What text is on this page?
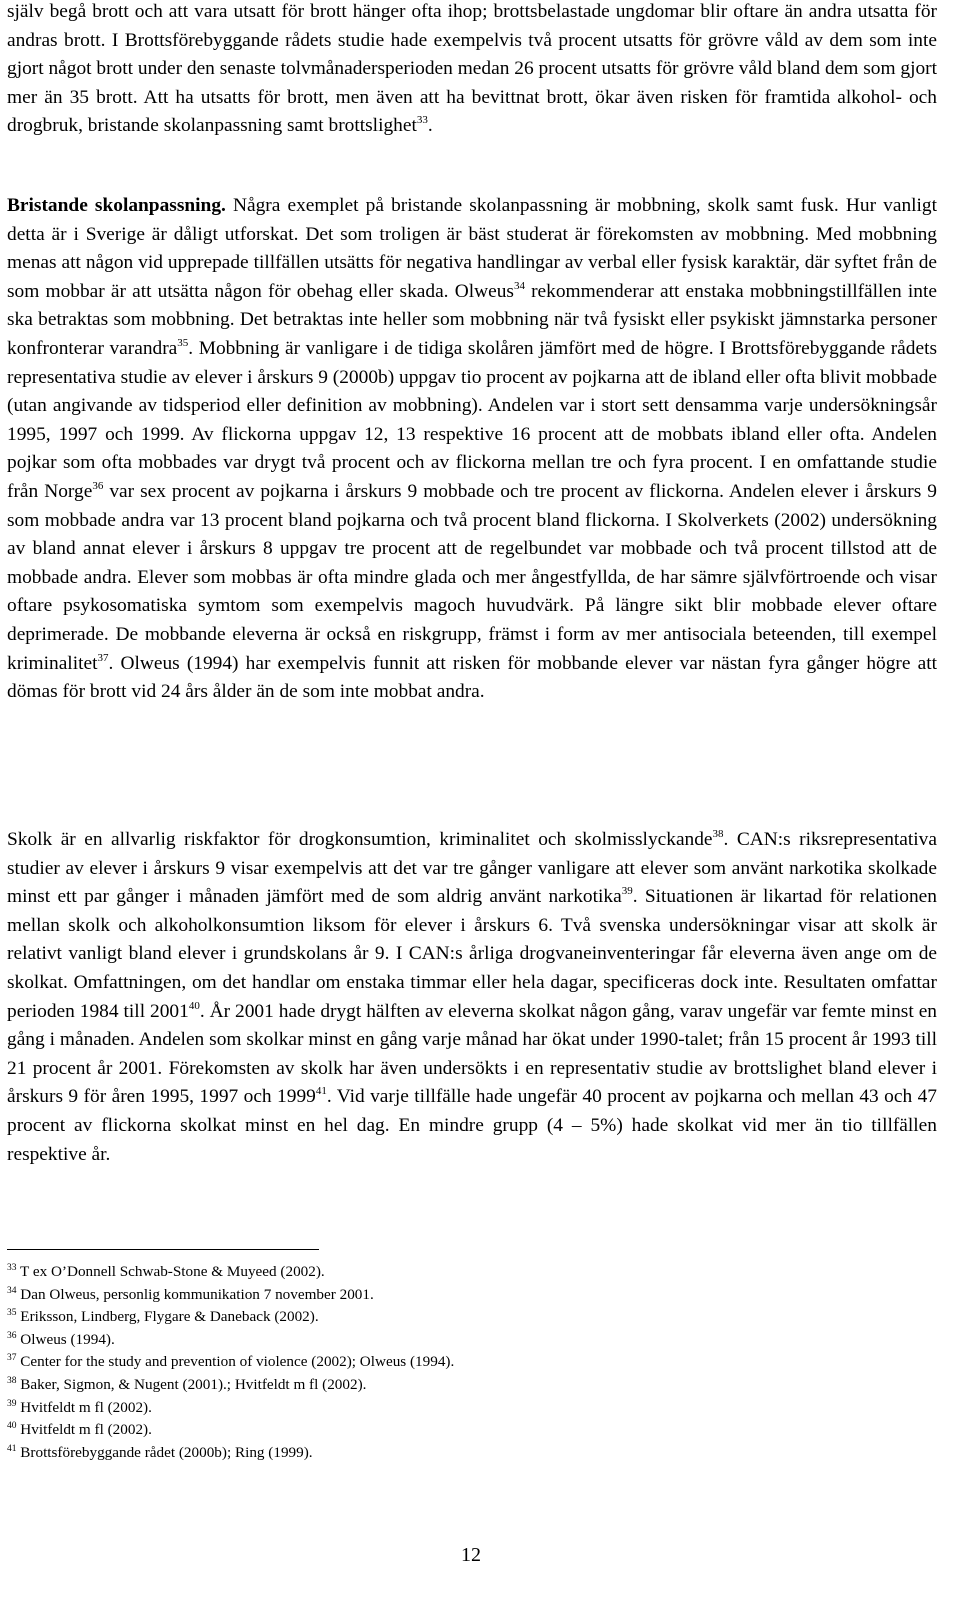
själv begå brott och att vara utsatt för brott hänger ofta ihop; brottsbelastade ungdomar blir oftare än andra utsatta för andras brott. I Brottsförebyggande rådets studie hade exempelvis två procent utsatts för grövre våld av dem som inte gjort något brott under den senaste tolvmånadersperioden medan 26 procent utsatts för grövre våld bland dem som gjort mer än 35 brott. Att ha utsatts för brott, men även att ha bevittnat brott, ökar även risken för framtida alkohol- och drogbruk, bristande skolanpassning samt brottslighet$^{33}$.
Bristande skolanpassning. Några exemplet på bristande skolanpassning är mobbning, skolk samt fusk. Hur vanligt detta är i Sverige är dåligt utforskat. Det som troligen är bäst studerat är förekomsten av mobbning. Med mobbning menas att någon vid upprepade tillfällen utsätts för negativa handlingar av verbal eller fysisk karaktär, där syftet från de som mobbar är att utsätta någon för obehag eller skada. Olweus$^{34}$ rekommenderar att enstaka mobbningstillfällen inte ska betraktas som mobbning. Det betraktas inte heller som mobbning när två fysiskt eller psykiskt jämnstarka personer konfronterar varandra$^{35}$. Mobbning är vanligare i de tidiga skolåren jämfört med de högre. I Brottsförebyggande rådets representativa studie av elever i årskurs 9 (2000b) uppgav tio procent av pojkarna att de ibland eller ofta blivit mobbade (utan angivande av tidsperiod eller definition av mobbning). Andelen var i stort sett densamma varje undersökningsår 1995, 1997 och 1999. Av flickorna uppgav 12, 13 respektive 16 procent att de mobbats ibland eller ofta. Andelen pojkar som ofta mobbades var drygt två procent och av flickorna mellan tre och fyra procent. I en omfattande studie från Norge$^{36}$ var sex procent av pojkarna i årskurs 9 mobbade och tre procent av flickorna. Andelen elever i årskurs 9 som mobbade andra var 13 procent bland pojkarna och två procent bland flickorna. I Skolverkets (2002) undersökning av bland annat elever i årskurs 8 uppgav tre procent att de regelbundet var mobbade och två procent tillstod att de mobbade andra. Elever som mobbas är ofta mindre glada och mer ångestfyllda, de har sämre självförtroende och visar oftare psykosomatiska symtom som exempelvis magoch huvudvärk. På längre sikt blir mobbade elever oftare deprimerade. De mobbande eleverna är också en riskgrupp, främst i form av mer antisociala beteenden, till exempel kriminalitet$^{37}$. Olweus (1994) har exempelvis funnit att risken för mobbande elever var nästan fyra gånger högre att dömas för brott vid 24 års ålder än de som inte mobbat andra.
Skolk är en allvarlig riskfaktor för drogkonsumtion, kriminalitet och skolmisslyckande$^{38}$. CAN:s riksrepresentativa studier av elever i årskurs 9 visar exempelvis att det var tre gånger vanligare att elever som använt narkotika skolkade minst ett par gånger i månaden jämfört med de som aldrig använt narkotika$^{39}$. Situationen är likartad för relationen mellan skolk och alkoholkonsumtion liksom för elever i årskurs 6. Två svenska undersökningar visar att skolk är relativt vanligt bland elever i grundskolans år 9. I CAN:s årliga drogvaneinventeringar får eleverna även ange om de skolkat. Omfattningen, om det handlar om enstaka timmar eller hela dagar, specificeras dock inte. Resultaten omfattar perioden 1984 till 2001$^{40}$. År 2001 hade drygt hälften av eleverna skolkat någon gång, varav ungefär var femte minst en gång i månaden. Andelen som skolkar minst en gång varje månad har ökat under 1990-talet; från 15 procent år 1993 till 21 procent år 2001. Förekomsten av skolk har även undersökts i en representativ studie av brottslighet bland elever i årskurs 9 för åren 1995, 1997 och 1999$^{41}$. Vid varje tillfälle hade ungefär 40 procent av pojkarna och mellan 43 och 47 procent av flickorna skolkat minst en hel dag. En mindre grupp (4 – 5%) hade skolkat vid mer än tio tillfällen respektive år.
$^{33}$ T ex O’Donnell Schwab-Stone & Muyeed (2002).
$^{34}$ Dan Olweus, personlig kommunikation 7 november 2001.
$^{35}$ Eriksson, Lindberg, Flygare & Daneback (2002).
$^{36}$ Olweus (1994).
$^{37}$ Center for the study and prevention of violence (2002); Olweus (1994).
$^{38}$ Baker, Sigmon, & Nugent (2001).; Hvitfeldt m fl (2002).
$^{39}$ Hvitfeldt m fl (2002).
$^{40}$ Hvitfeldt m fl (2002).
$^{41}$ Brottsförebyggande rådet (2000b); Ring (1999).
12
